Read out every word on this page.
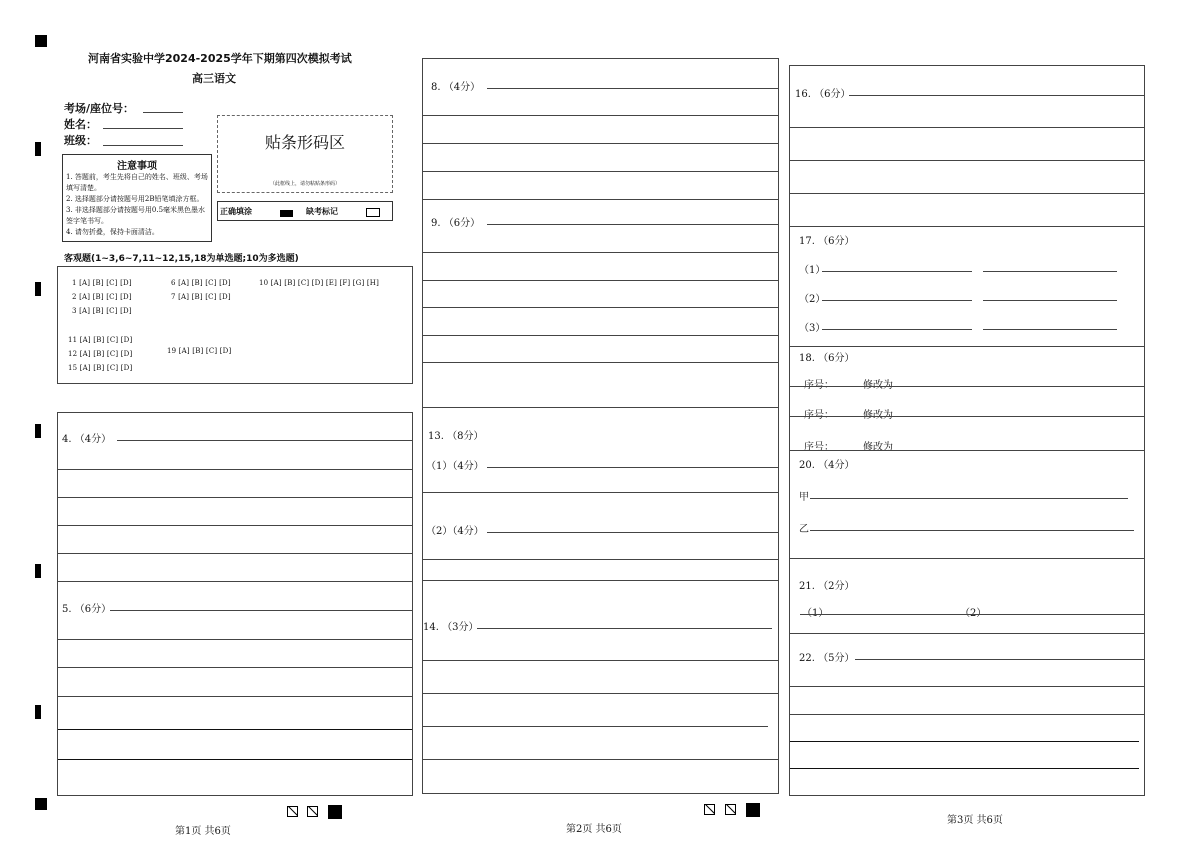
河南省实验中学2024-2025学年下期第四次模拟考试
高三语文
考场/座位号：
姓名：
班级：
注意事项
1. 答题前，考生先将自己的姓名、班级、考场填写清楚。
2. 选择题部分请按题号用2B铅笔填涂方框。
3. 非选择题部分请按题号用0.5毫米黑色墨水签字笔书写。
4. 请勿折叠，保持卡面清洁。
贴条形码区
（此框线上，请勿粘贴条形码）
正确填涂	缺考标记
客观题(1~3,6~7,11~12,15,18为单选题;10为多选题)
1 [A] [B] [C] [D]
2 [A] [B] [C] [D]
3 [A] [B] [C] [D]
6 [A] [B] [C] [D]
7 [A] [B] [C] [D]
10 [A] [B] [C] [D] [E] [F] [G] [H]
11 [A] [B] [C] [D]
12 [A] [B] [C] [D]
15 [A] [B] [C] [D]
19 [A] [B] [C] [D]
4. （4分）
5. （6分）
第1页 共6页
8. （4分）
9. （6分）
13. （8分）
（1）（4分）
（2）（4分）
14. （3分）
第2页 共6页
16. （6分）
17. （6分）
（1）
（2）
（3）
18. （6分）
序号：	修改为
序号：	修改为
序号：	修改为
20. （4分）
甲
乙
21. （2分）
（1）	（2）
22. （5分）
第3页 共6页
